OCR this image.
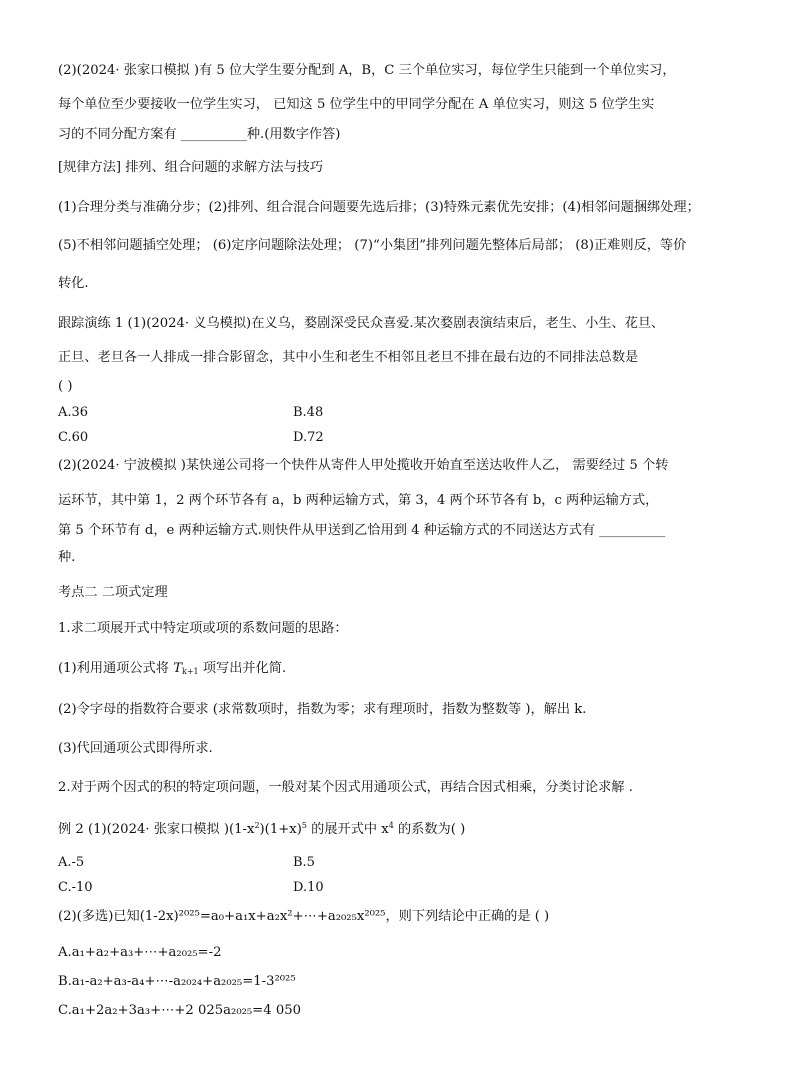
(2)(2024· 张家口模拟 )有 5 位大学生要分配到 A，B，C 三个单位实习，每位学生只能到一个单位实习，
每个单位至少要接收一位学生实习， 已知这 5 位学生中的甲同学分配在 A 单位实习，则这 5 位学生实
习的不同分配方案有 __________种.(用数字作答)
[规律方法] 排列、组合问题的求解方法与技巧
(1)合理分类与准确分步；(2)排列、组合混合问题要先选后排；(3)特殊元素优先安排；(4)相邻问题捆绑处理；
(5)不相邻问题插空处理； (6)定序问题除法处理； (7)“小集团”排列问题先整体后局部； (8)正难则反，等价
转化.
跟踪演练 1 (1)(2024· 义乌模拟)在义乌，婺剧深受民众喜爱.某次婺剧表演结束后，老生、小生、花旦、
正旦、老旦各一人排成一排合影留念，其中小生和老生不相邻且老旦不排在最右边的不同排法总数是
( )
A.36	B.48
C.60	D.72
(2)(2024· 宁波模拟 )某快递公司将一个快件从寄件人甲处揽收开始直至送达收件人乙， 需要经过 5 个转
运环节，其中第 1，2 两个环节各有 a，b 两种运输方式，第 3，4 两个环节各有 b，c 两种运输方式，
第 5 个环节有 d，e 两种运输方式.则快件从甲送到乙恰用到 4 种运输方式的不同送达方式有 __________
种.
考点二 二项式定理
1.求二项展开式中特定项或项的系数问题的思路：
(1)利用通项公式将 $T_{k+1}$ 项写出并化简.
(2)令字母的指数符合要求 (求常数项时，指数为零；求有理项时，指数为整数等 )，解出 k.
(3)代回通项公式即得所求.
2.对于两个因式的积的特定项问题，一般对某个因式用通项公式，再结合因式相乘，分类讨论求解 .
例 2 (1)(2024· 张家口模拟 )$(1-x^2)(1+x)^5$ 的展开式中 $x^4$ 的系数为( )
A.-5	B.5
C.-10	D.10
(2)(多选)已知(1-2x)²⁰²⁵=a₀+a₁x+a₂x²+⋯+a₂₀₂₅x²⁰²⁵，则下列结论中正确的是 ( )
A.a₁+a₂+a₃+⋯+a₂₀₂₅=-2
B.a₁-a₂+a₃-a₄+⋯-a₂₀₂₄+a₂₀₂₅=1-3²⁰²⁵
C.a₁+2a₂+3a₃+⋯+2 025a₂₀₂₅=4 050
